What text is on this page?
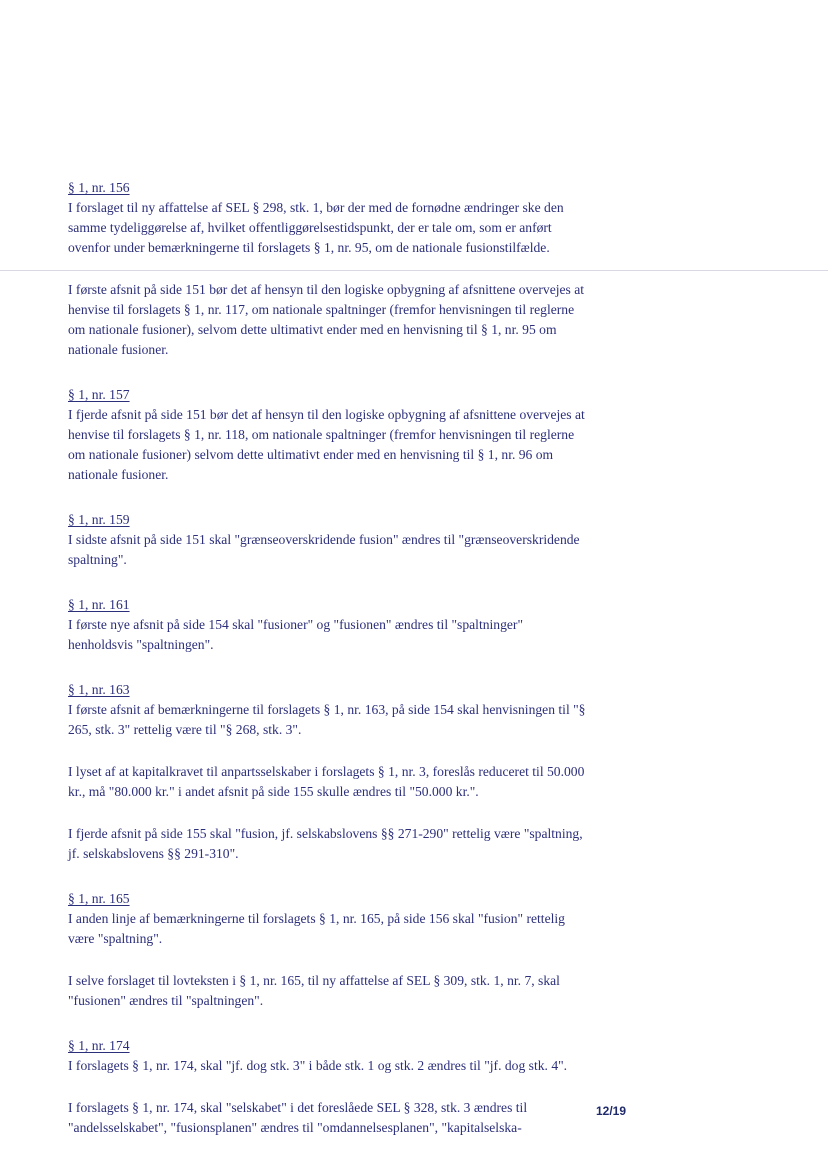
§ 1, nr. 156

I forslaget til ny affattelse af SEL § 298, stk. 1, bør der med de fornødne ændringer ske den samme tydeliggørelse af, hvilket offentliggørelsestidspunkt, der er tale om, som er anført ovenfor under bemærkningerne til forslagets § 1, nr. 95, om de nationale fusionstilfælde.

I første afsnit på side 151 bør det af hensyn til den logiske opbygning af afsnittene overvejes at henvise til forslagets § 1, nr. 117, om nationale spaltninger (fremfor henvisningen til reglerne om nationale fusioner), selvom dette ultimativt ender med en henvisning til § 1, nr. 95 om nationale fusioner.

§ 1, nr. 157

I fjerde afsnit på side 151 bør det af hensyn til den logiske opbygning af afsnittene overvejes at henvise til forslagets § 1, nr. 118, om nationale spaltninger (fremfor henvisningen til reglerne om nationale fusioner) selvom dette ultimativt ender med en henvisning til § 1, nr. 96 om nationale fusioner.

§ 1, nr. 159

I sidste afsnit på side 151 skal "grænseoverskridende fusion" ændres til "grænseoverskridende spaltning".

§ 1, nr. 161

I første nye afsnit på side 154 skal "fusioner" og "fusionen" ændres til "spaltninger" henholdsvis "spaltningen".

§ 1, nr. 163

I første afsnit af bemærkningerne til forslagets § 1, nr. 163, på side 154 skal henvisningen til "§ 265, stk. 3" rettelig være til "§ 268, stk. 3".

I lyset af at kapitalkravet til anpartsselskaber i forslagets § 1, nr. 3, foreslås reduceret til 50.000 kr., må "80.000 kr." i andet afsnit på side 155 skulle ændres til "50.000 kr.".

I fjerde afsnit på side 155 skal "fusion, jf. selskabslovens §§ 271-290" rettelig være "spaltning, jf. selskabslovens §§ 291-310".

§ 1, nr. 165

I anden linje af bemærkningerne til forslagets § 1, nr. 165, på side 156 skal "fusion" rettelig være "spaltning".

I selve forslaget til lovteksten i § 1, nr. 165, til ny affattelse af SEL § 309, stk. 1, nr. 7, skal "fusionen" ændres til "spaltningen".

§ 1, nr. 174

I forslagets § 1, nr. 174, skal "jf. dog stk. 3" i både stk. 1 og stk. 2 ændres til "jf. dog stk. 4".

I forslagets § 1, nr. 174, skal "selskabet" i det foreslåede SEL § 328, stk. 3 ændres til "andelsselskabet", "fusionsplanen" ændres til "omdannelsesplanen", "kapitalselska-

12/19
